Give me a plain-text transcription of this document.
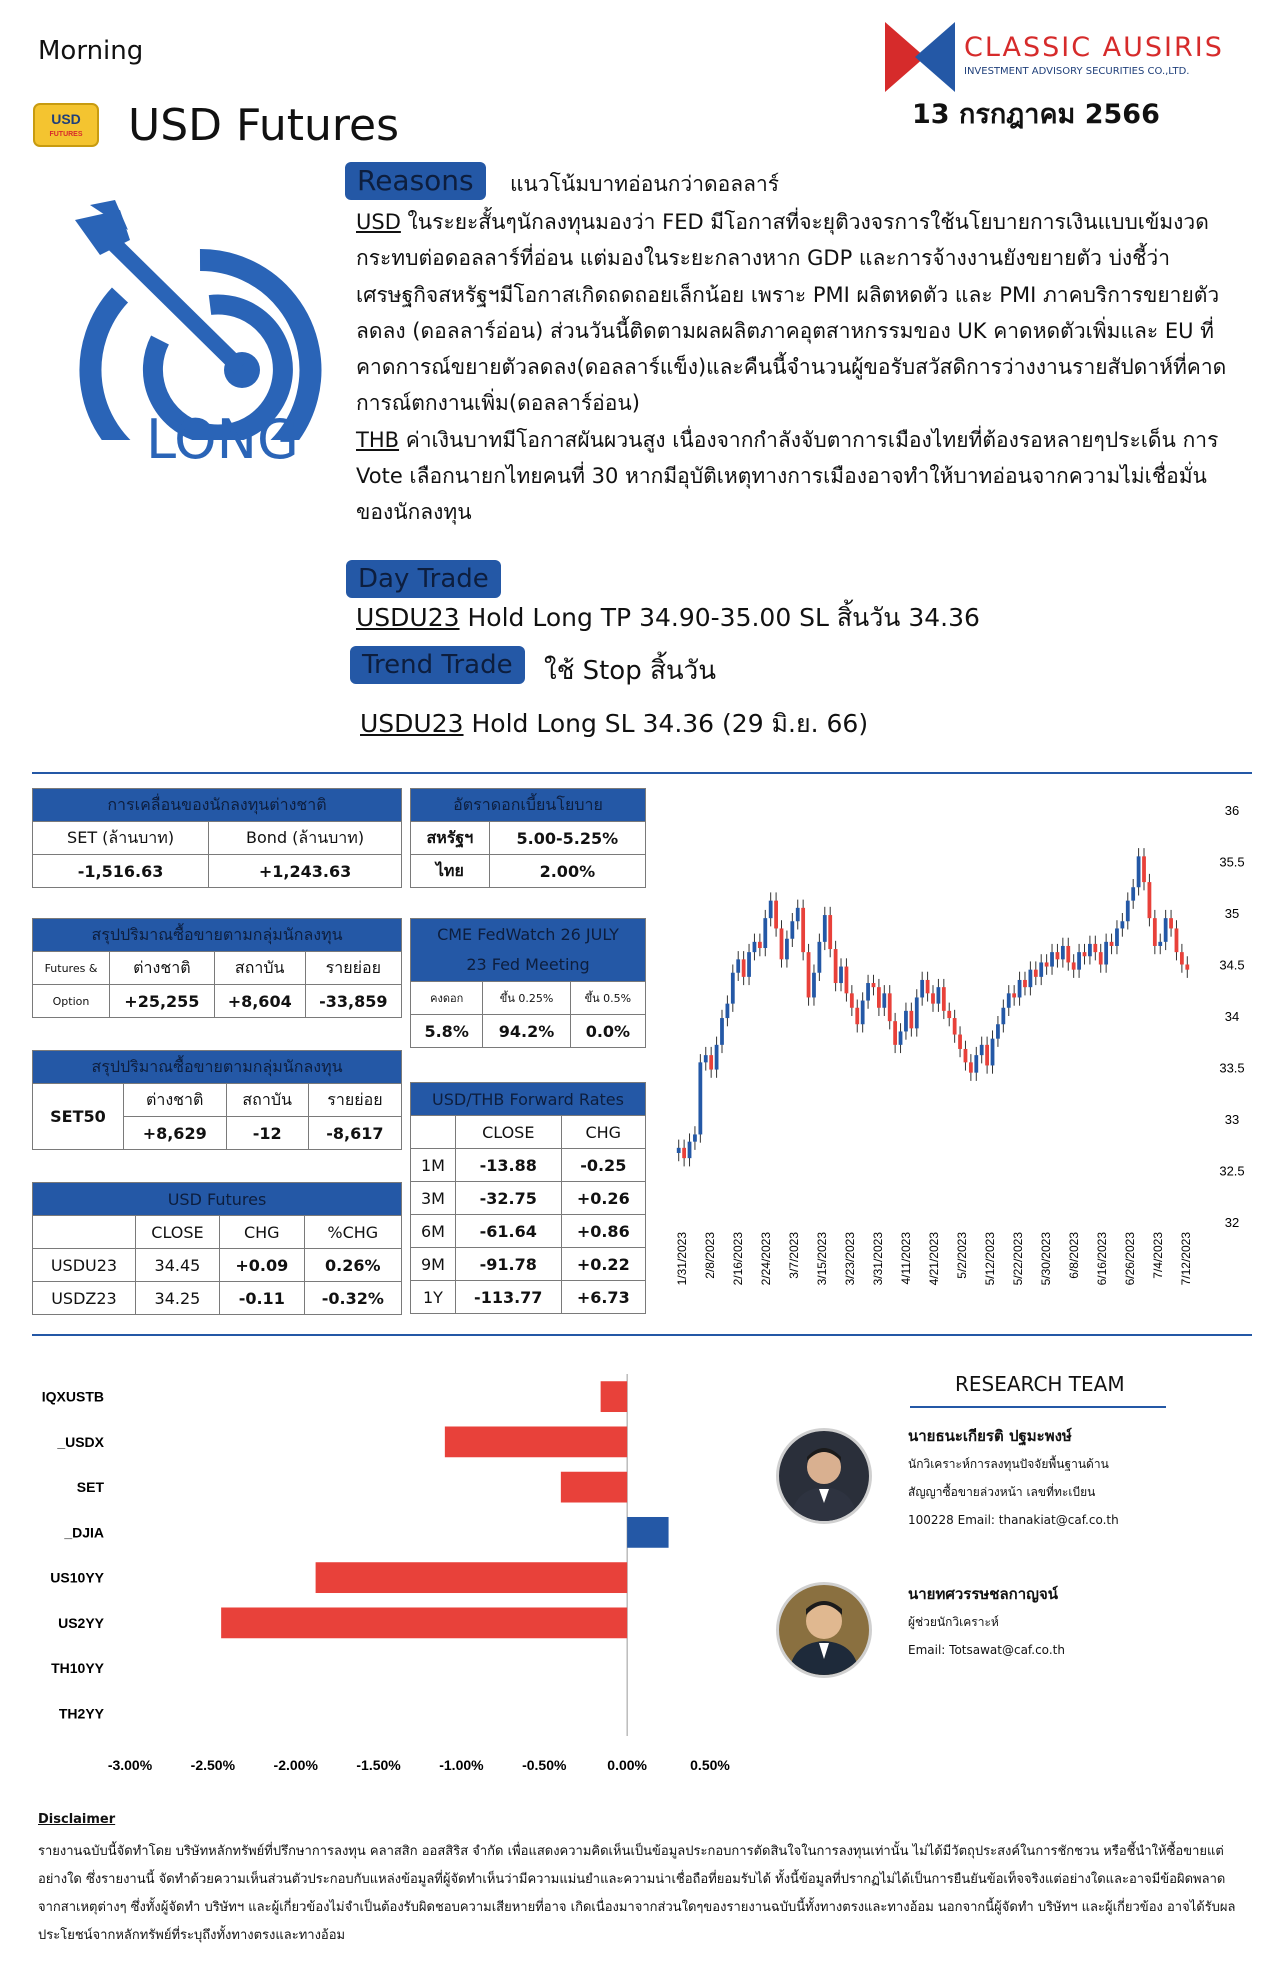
Morning
USD
FUTURES USD Futures
CLASSIC AUSIRIS
INVESTMENT ADVISORY SECURITIES CO.,LTD.
13 กรกฎาคม 2566
LONG
Reasons	แนวโน้มบาทอ่อนกว่าดอลลาร์

USD ในระยะสั้นๆนักลงทุนมองว่า FED มีโอกาสที่จะยุติวงจรการใช้นโยบายการเงินแบบเข้มงวด กระทบต่อดอลลาร์ที่อ่อน แต่มองในระยะกลางหาก GDP และการจ้างงานยังขยายตัว บ่งชี้ว่าเศรษฐกิจสหรัฐฯมีโอกาสเกิดถดถอยเล็กน้อย เพราะ PMI ผลิตหดตัว และ PMI ภาคบริการขยายตัวลดลง (ดอลลาร์อ่อน) ส่วนวันนี้ติดตามผลผลิตภาคอุตสาหกรรมของ UK คาดหดตัวเพิ่มและ EU ที่คาดการณ์ขยายตัวลดลง(ดอลลาร์แข็ง)และคืนนี้จำนวนผู้ขอรับสวัสดิการว่างงานรายสัปดาห์ที่คาดการณ์ตกงานเพิ่ม(ดอลลาร์อ่อน)

THB ค่าเงินบาทมีโอกาสผันผวนสูง เนื่องจากกำลังจับตาการเมืองไทยที่ต้องรอหลายๆประเด็น การ Vote เลือกนายกไทยคนที่ 30 หากมีอุบัติเหตุทางการเมืองอาจทำให้บาทอ่อนจากความไม่เชื่อมั่นของนักลงทุน

Day Trade
USDU23 Hold Long TP 34.90-35.00 SL สิ้นวัน 34.36
Trend Trade	ใช้ Stop สิ้นวัน
USDU23 Hold Long SL 34.36 (29 มิ.ย. 66)
การเคลื่อนของนักลงทุนต่างชาติ	
SET (ล้านบาท)	Bond (ล้านบาท)
-1,516.63	+1,243.63
อัตราดอกเบี้ยนโยบาย	
สหรัฐฯ	5.00-5.25%
ไทย	2.00%
สรุปปริมาณซื้อขายตามกลุ่มนักลงทุน			
Futures &	ต่างชาติ	สถาบัน	รายย่อย
Option	+25,255	+8,604	-33,859
CME FedWatch 26 JULY
23 Fed Meeting		
คงดอก	ขึ้น 0.25%	ขึ้น 0.5%
5.8%	94.2%	0.0%
สรุปปริมาณซื้อขายตามกลุ่มนักลงทุน			
SET50	ต่างชาติ	สถาบัน	รายย่อย
	+8,629	-12	-8,617
USD/THB Forward Rates		
	CLOSE	CHG
1M	-13.88	-0.25
3M	-32.75	+0.26
6M	-61.64	+0.86
9M	-91.78	+0.22
1Y	-113.77	+6.73
USD Futures			
	CLOSE	CHG	%CHG
USDU23	34.45	+0.09	0.26%
USDZ23	34.25	-0.11	-0.32%
36
35.5
35
34.5
34
33.5
33
32.5
32
1/31/2023 2/8/2023 2/16/2023 2/24/2023 3/7/2023 3/15/2023 3/23/2023 3/31/2023 4/11/2023 4/21/2023 5/2/2023 5/12/2023 5/22/2023 5/30/2023 6/8/2023 6/16/2023 6/26/2023 7/4/2023 7/12/2023
IQXUSTB
_USDX
SET
_DJIA
US10YY
US2YY
TH10YY
TH2YY
-3.00%	-2.50%	-2.00%	-1.50%	-1.00%	-0.50%	0.00%	0.50%
RESEARCH TEAM
นายธนะเกียรติ ปฐมะพงษ์
นักวิเคราะห์การลงทุนปัจจัยพื้นฐานด้าน
สัญญาซื้อขายล่วงหน้า เลขที่ทะเบียน
100228 Email: thanakiat@caf.co.th
นายทศวรรษชลกาญจน์
ผู้ช่วยนักวิเคราะห์
Email: Totsawat@caf.co.th
Disclaimer
รายงานฉบับนี้จัดทำโดย บริษัทหลักทรัพย์ที่ปรึกษาการลงทุน คลาสสิก ออสสิริส จำกัด เพื่อแสดงความคิดเห็นเป็นข้อมูลประกอบการตัดสินใจในการลงทุนเท่านั้น ไม่ได้มีวัตถุประสงค์ในการชักชวน หรือชี้นำให้ซื้อขายแต่อย่างใด ซึ่งรายงานนี้ จัดทำด้วยความเห็นส่วนตัวประกอบกับแหล่งข้อมูลที่ผู้จัดทำเห็นว่ามีความแม่นยำและความน่าเชื่อถือที่ยอมรับได้ ทั้งนี้ข้อมูลที่ปรากฏไม่ได้เป็นการยืนยันข้อเท็จจริงแต่อย่างใดและอาจมีข้อผิดพลาดจากสาเหตุต่างๆ ซึ่งทั้งผู้จัดทำ บริษัทฯ และผู้เกี่ยวข้องไม่จำเป็นต้องรับผิดชอบความเสียหายที่อาจ เกิดเนื่องมาจากส่วนใดๆของรายงานฉบับนี้ทั้งทางตรงและทางอ้อม นอกจากนี้ผู้จัดทำ บริษัทฯ และผู้เกี่ยวข้อง อาจได้รับผลประโยชน์จากหลักทรัพย์ที่ระบุถึงทั้งทางตรงและทางอ้อม
